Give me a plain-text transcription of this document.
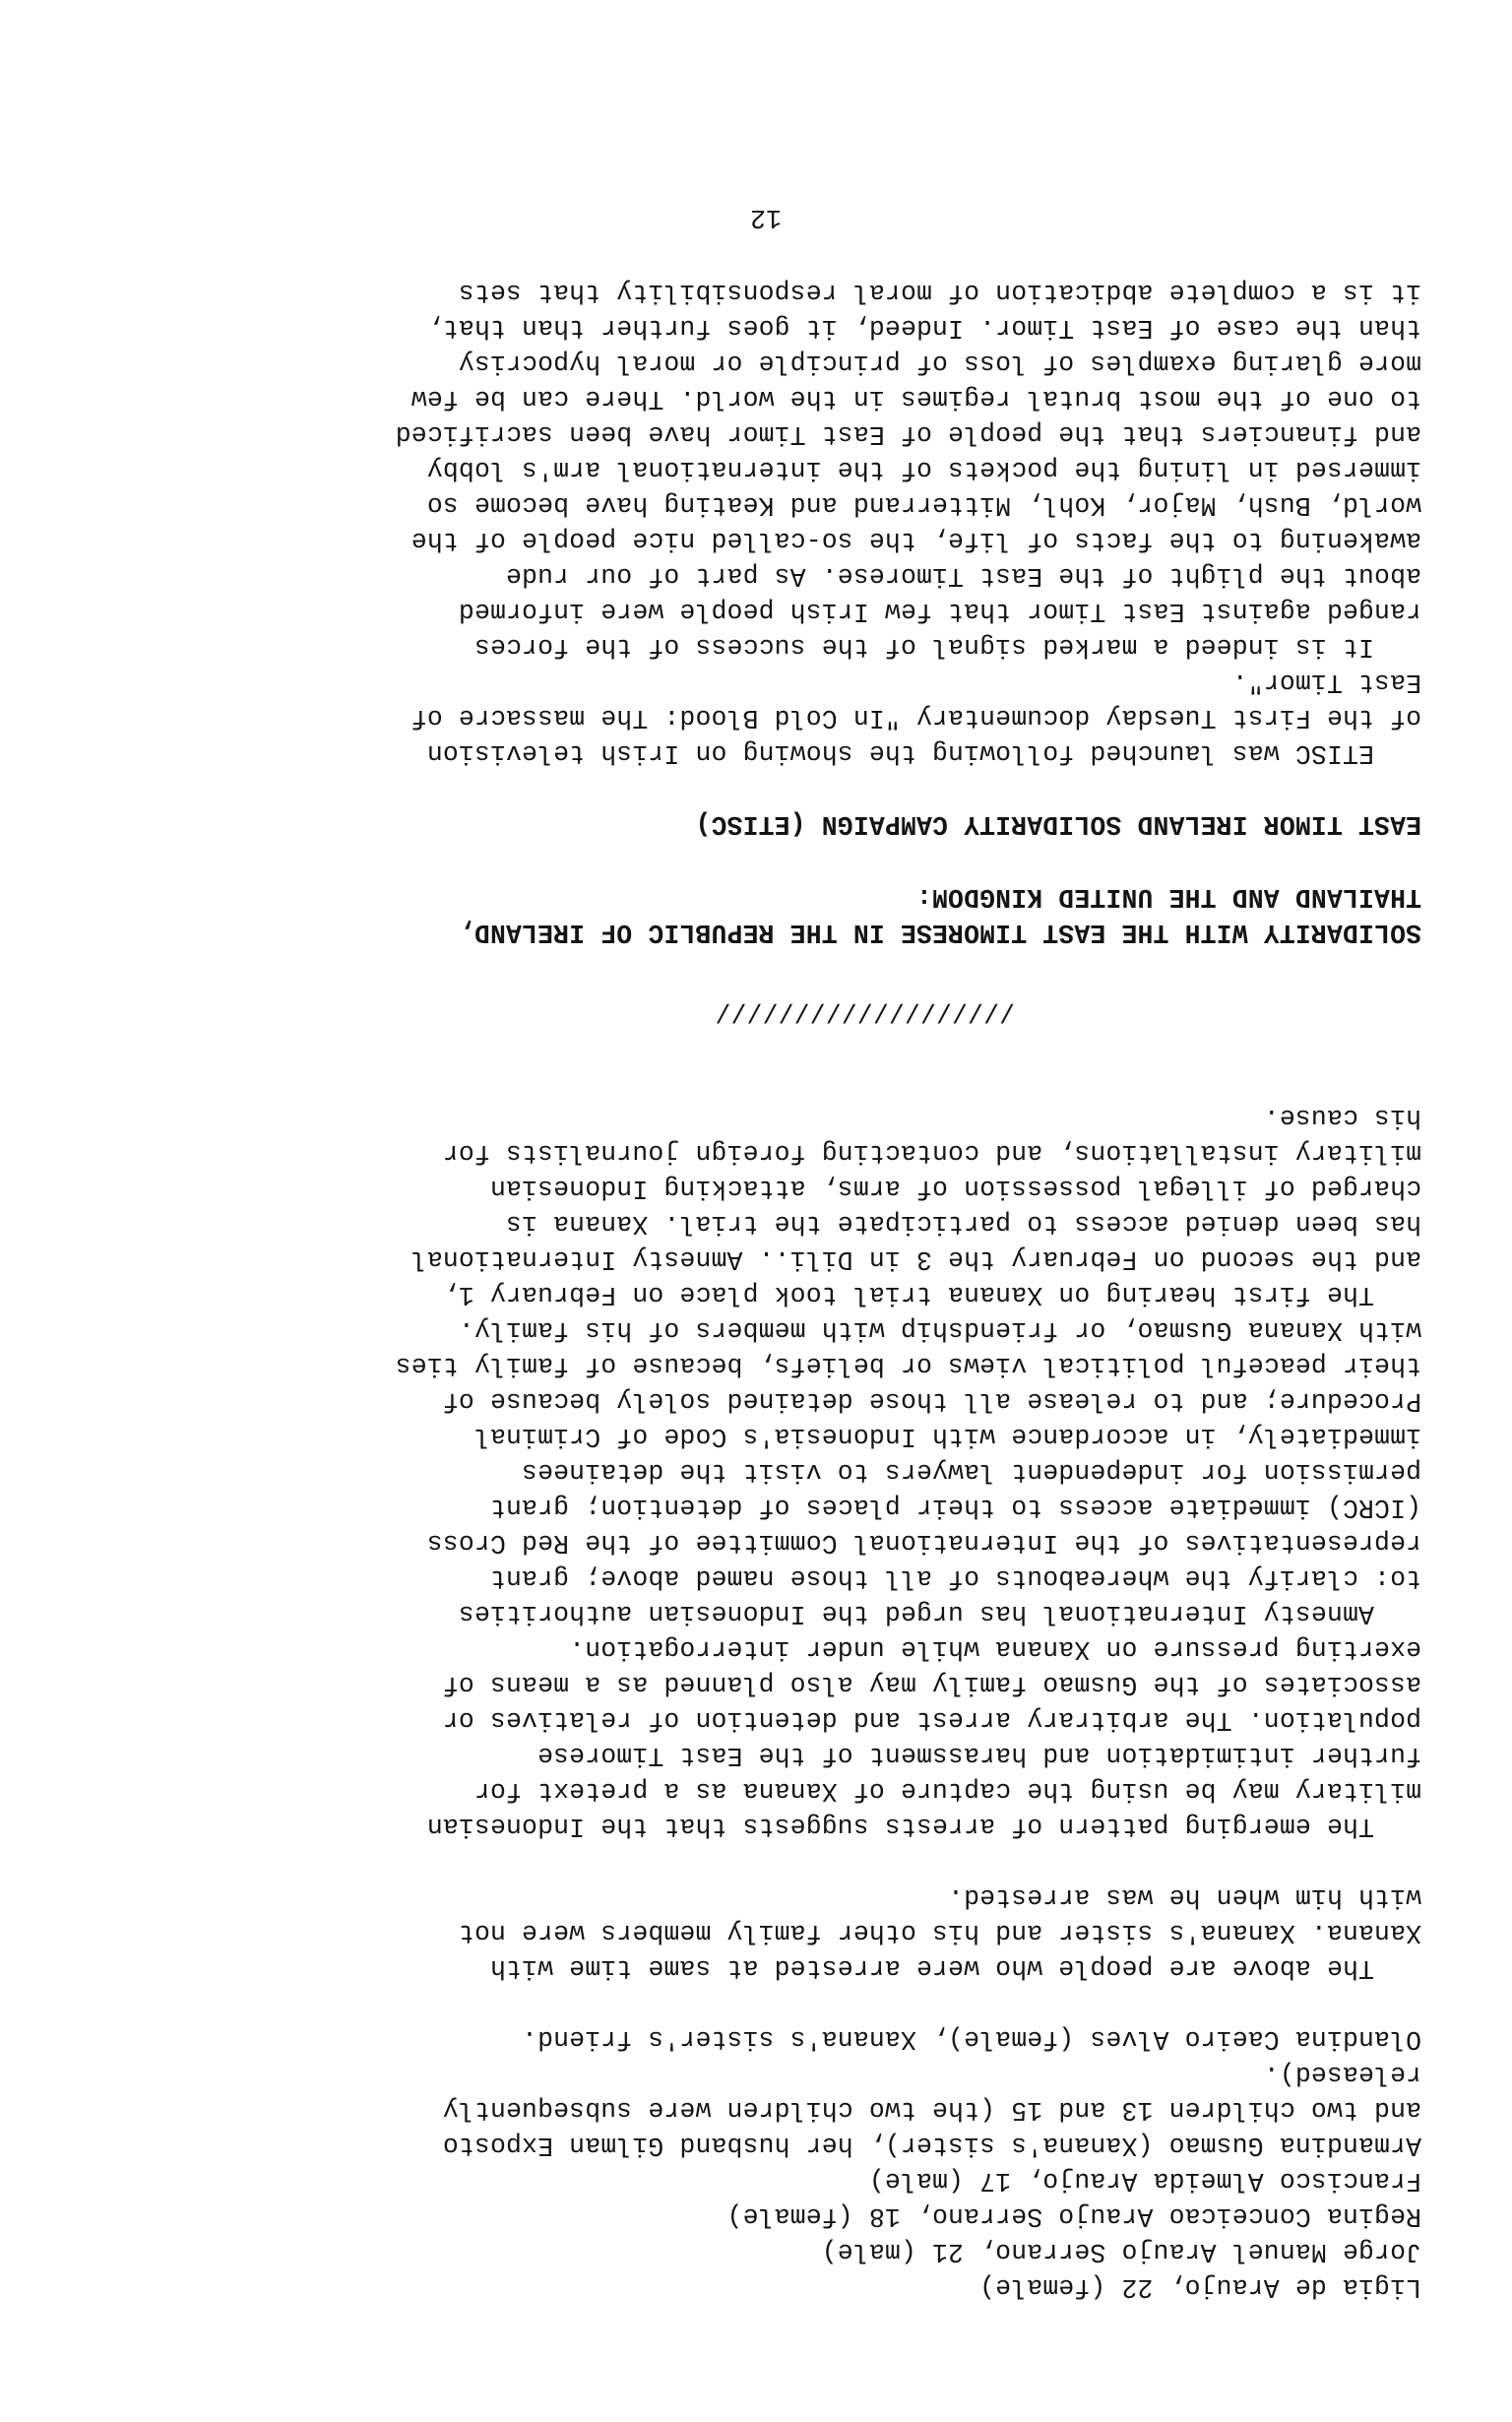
Ligia de Araujo, 22 (female)
Jorge Manuel Araujo Serrano, 21 (male)
Regina Conceicao Araujo Serrano, 18 (female)
Francisco Almeida Araujo, 17 (male)
Armandina Gusmao (Xanana's sister), her husband Gilman Exposto
and two children 13 and 15 (the two children were subsequently
released).
Olandina Caeiro Alves (female), Xanana's sister's friend.
The above are people who were arrested at same time with
Xanana. Xanana's sister and his other family members were not
with him when he was arrested.
The emerging pattern of arrests suggests that the Indonesian
military may be using the capture of Xanana as a pretext for
further intimidation and harassment of the East Timorese
population. The arbitrary arrest and detention of relatives or
associates of the Gusmao family may also planned as a means of
exerting pressure on Xanana while under interrogation.
Amnesty International has urged the Indonesian authorities
to: clarify the whereabouts of all those named above; grant
representatives of the International Committee of the Red Cross
(ICRC) immediate access to their places of detention; grant
permission for independent lawyers to visit the detainees
immediately, in accordance with Indonesia's Code of Criminal
Procedure; and to release all those detained solely because of
their peaceful political views or beliefs, because of family ties
with Xanana Gusmao, or friendship with members of his family.
The first hearing on Xanana trial took place on February 1,
and the second on February the 3 in Dili.. Amnesty International
has been denied access to participate the trial. Xanana is
charged of illegal possession of arms, attacking Indonesian
military installations, and contacting foreign journalists for
his cause.
///////////////////
SOLIDARITY WITH THE EAST TIMORESE IN THE REPUBLIC OF IRELAND,
THAILAND AND THE UNITED KINGDOM:
EAST TIMOR IRELAND SOLIDARITY CAMPAIGN (ETISC)
ETISC was launched following the showing on Irish television
of the First Tuesday documentary "In Cold Blood: The massacre of
East Timor".
It is indeed a marked signal of the success of the forces
ranged against East Timor that few Irish people were informed
about the plight of the East Timorese. As part of our rude
awakening to the facts of life, the so-called nice people of the
world, Bush, Major, Kohl, Mitterrand and Keating have become so
immersed in lining the pockets of the international arm's lobby
and financiers that the people of East Timor have been sacrificed
to one of the most brutal regimes in the world. There can be few
more glaring examples of loss of principle or moral hypocrisy
than the case of East Timor. Indeed, it goes further than that,
it is a complete abdication of moral responsibility that sets
12
